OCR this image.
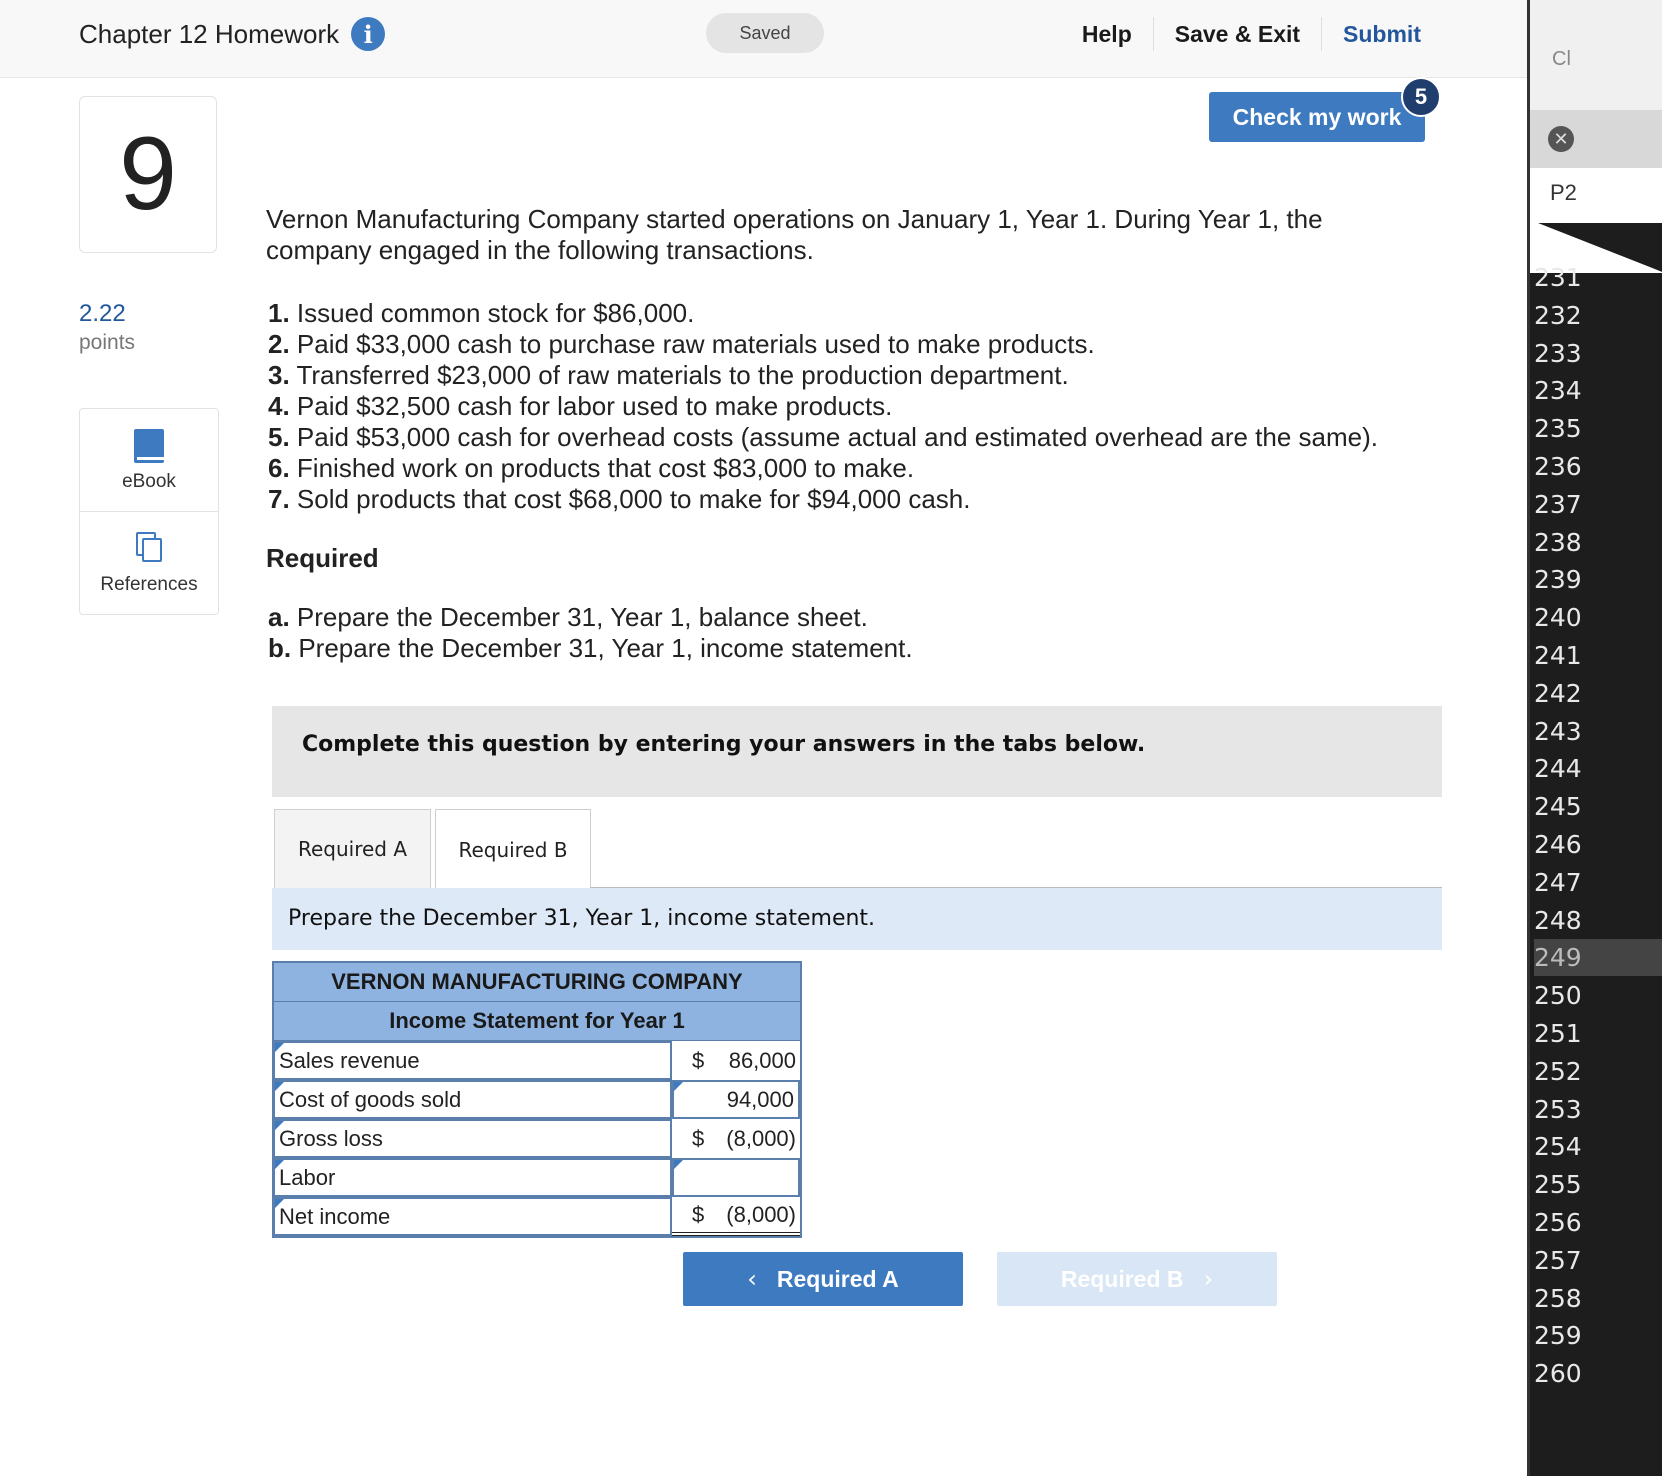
Chapter 12 Homework	i	Saved	Help	Save & Exit	Submit
Cl
✕
P2
231
232
233
234
235
236
237
238
239
240
241
242
243
244
245
246
247
248
249
250
251
252
253
254
255
256
257
258
259
260
9
2.22
points
eBook
References
Check my work
5
Vernon Manufacturing Company started operations on January 1, Year 1. During Year 1, the company engaged in the following transactions.
1. Issued common stock for $86,000.
2. Paid $33,000 cash to purchase raw materials used to make products.
3. Transferred $23,000 of raw materials to the production department.
4. Paid $32,500 cash for labor used to make products.
5. Paid $53,000 cash for overhead costs (assume actual and estimated overhead are the same).
6. Finished work on products that cost $83,000 to make.
7. Sold products that cost $68,000 to make for $94,000 cash.
Required
a. Prepare the December 31, Year 1, balance sheet.
b. Prepare the December 31, Year 1, income statement.
Complete this question by entering your answers in the tabs below.
Required A	Required B
Prepare the December 31, Year 1, income statement.
VERNON MANUFACTURING COMPANY
Income Statement for Year 1
Sales revenue	$ 86,000
Cost of goods sold	94,000
Gross loss	$ (8,000)
Labor
Net income	$ (8,000)
‹ Required A	Required B ›
